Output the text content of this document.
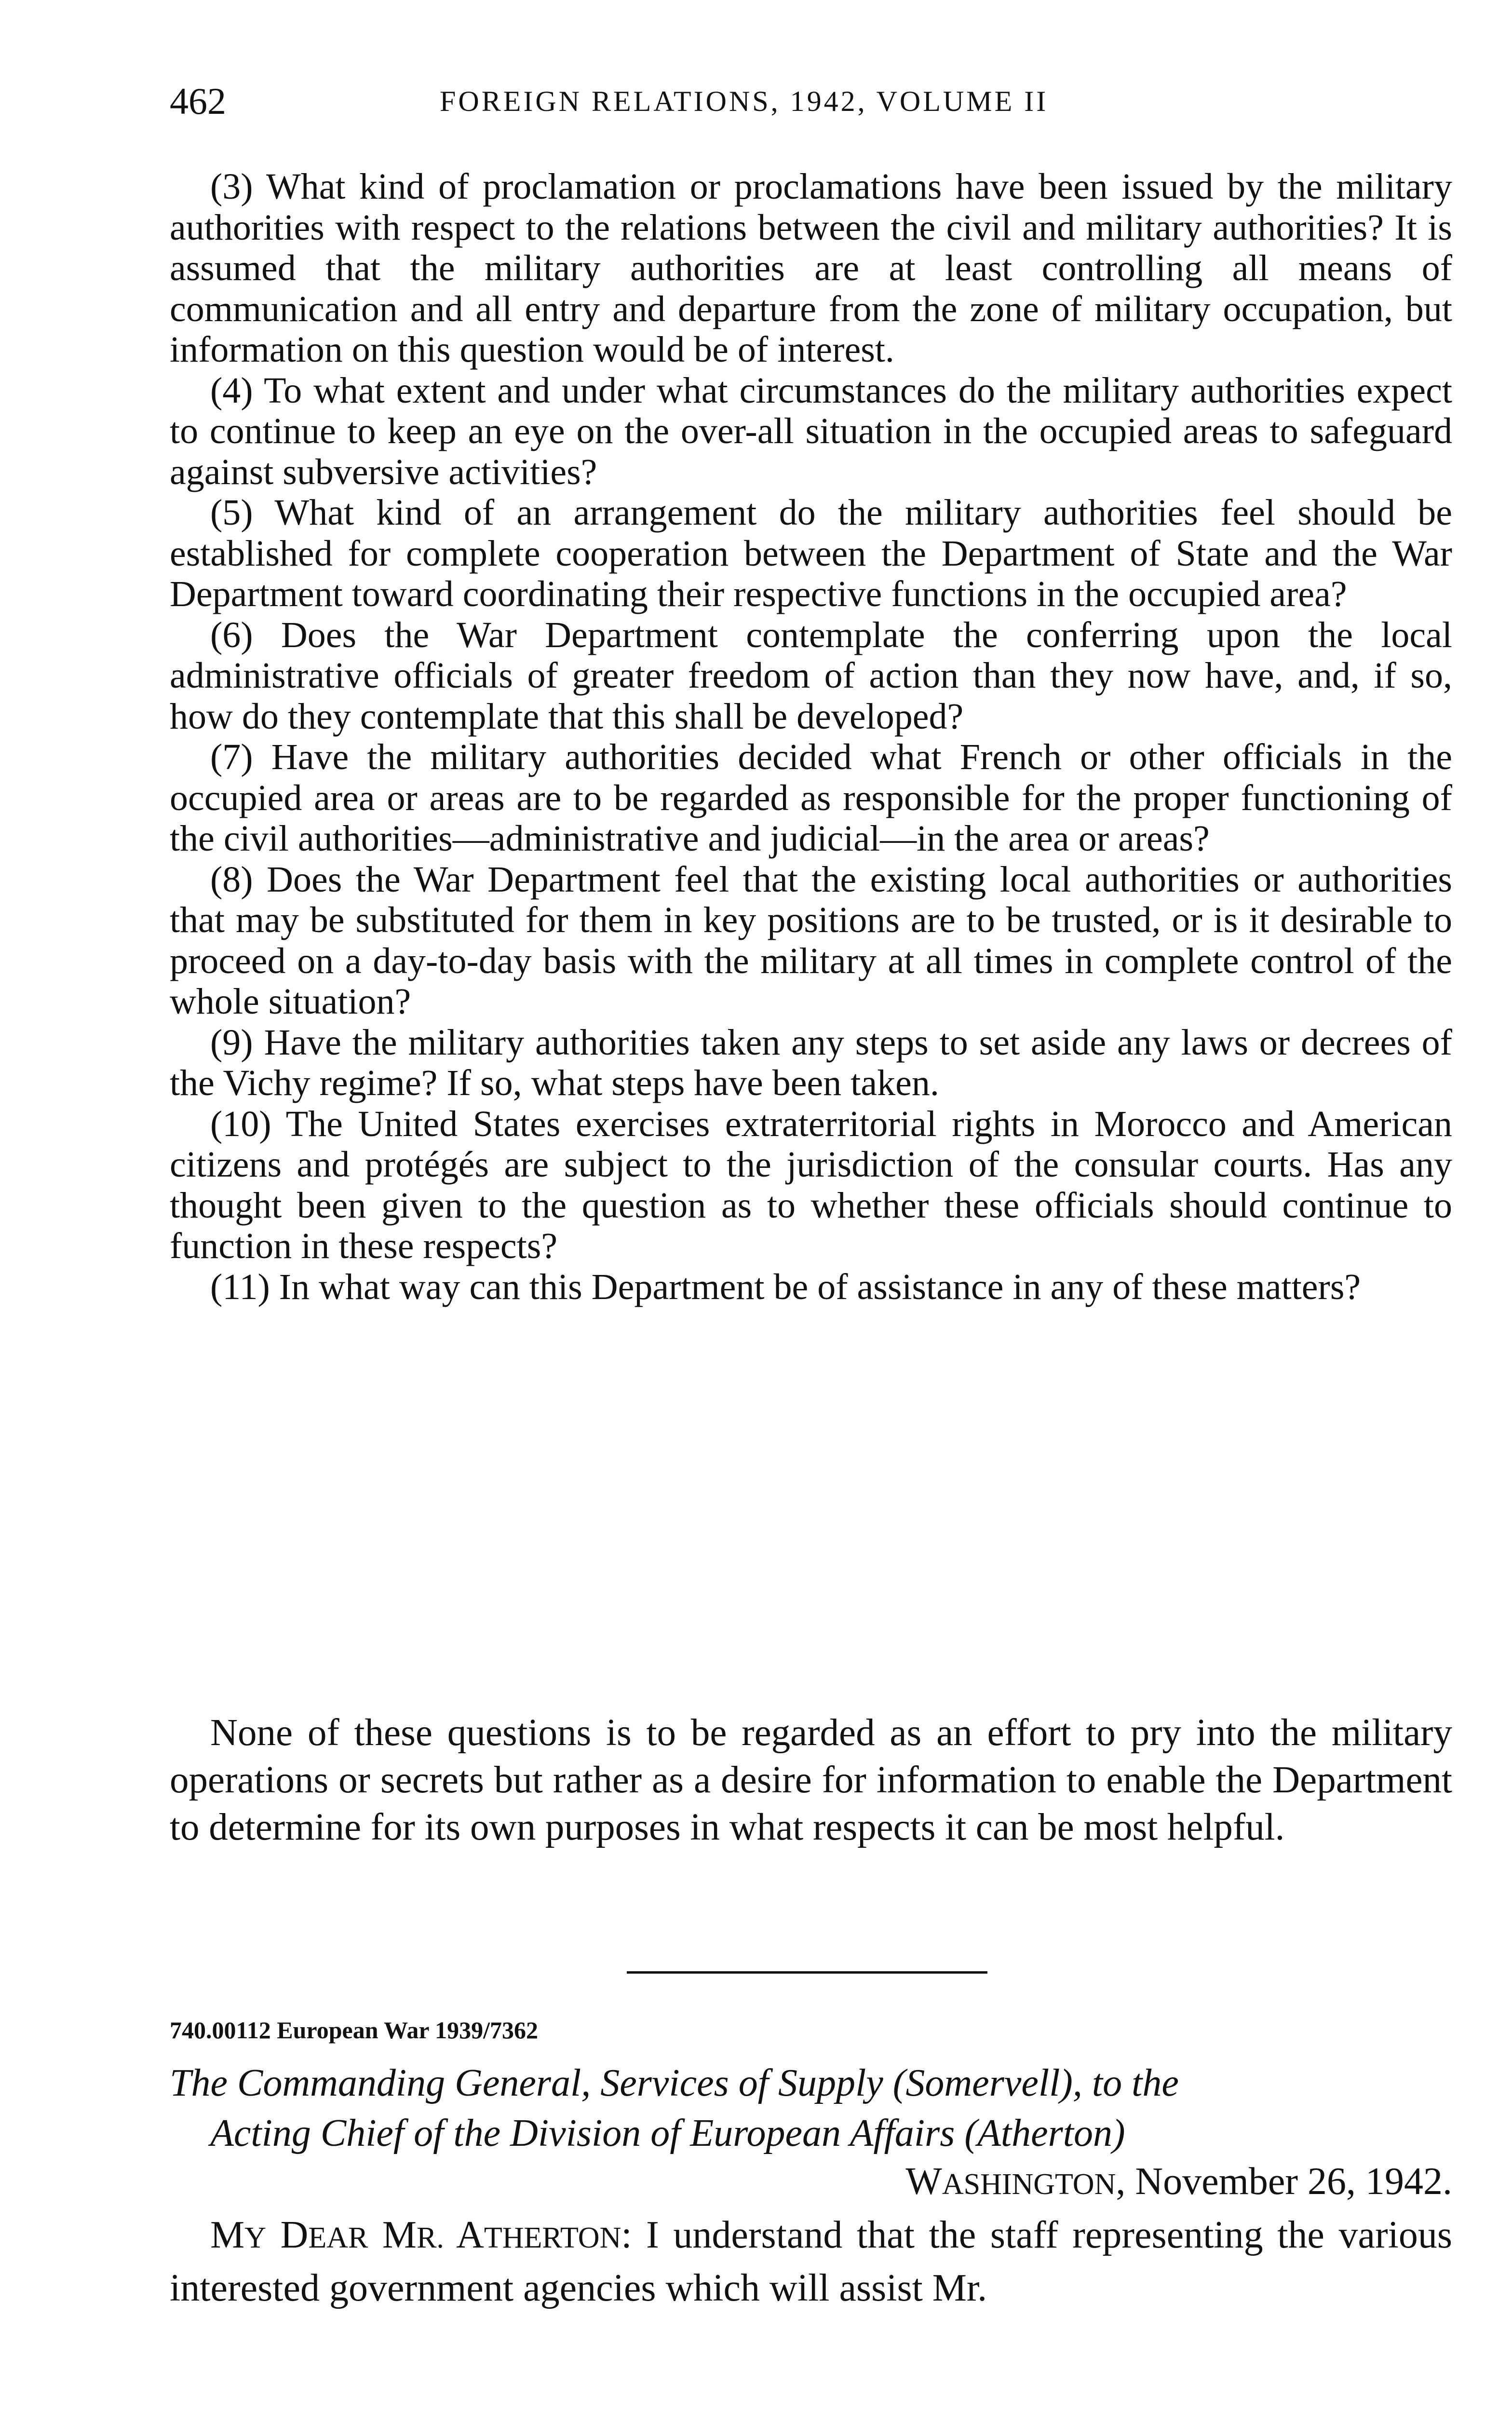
462	FOREIGN RELATIONS, 1942, VOLUME II

(3) What kind of proclamation or proclamations have been issued by the military authorities with respect to the relations between the civil and military authorities? It is assumed that the military authorities are at least controlling all means of communication and all entry and departure from the zone of military occupation, but information on this question would be of interest.

(4) To what extent and under what circumstances do the military authorities expect to continue to keep an eye on the over-all situation in the occupied areas to safeguard against subversive activities?

(5) What kind of an arrangement do the military authorities feel should be established for complete cooperation between the Department of State and the War Department toward coordinating their respective functions in the occupied area?

(6) Does the War Department contemplate the conferring upon the local administrative officials of greater freedom of action than they now have, and, if so, how do they contemplate that this shall be developed?

(7) Have the military authorities decided what French or other officials in the occupied area or areas are to be regarded as responsible for the proper functioning of the civil authorities—administrative and judicial—in the area or areas?

(8) Does the War Department feel that the existing local authorities or authorities that may be substituted for them in key positions are to be trusted, or is it desirable to proceed on a day-to-day basis with the military at all times in complete control of the whole situation?

(9) Have the military authorities taken any steps to set aside any laws or decrees of the Vichy regime? If so, what steps have been taken.

(10) The United States exercises extraterritorial rights in Morocco and American citizens and protégés are subject to the jurisdiction of the consular courts. Has any thought been given to the question as to whether these officials should continue to function in these respects?

(11) In what way can this Department be of assistance in any of these matters?

None of these questions is to be regarded as an effort to pry into the military operations or secrets but rather as a desire for information to enable the Department to determine for its own purposes in what respects it can be most helpful.

740.00112 European War 1939/7362
The Commanding General, Services of Supply (Somervell), to the
Acting Chief of the Division of European Affairs (Atherton)
WASHINGTON, November 26, 1942.

MY DEAR MR. ATHERTON: I understand that the staff representing the various interested government agencies which will assist Mr.
